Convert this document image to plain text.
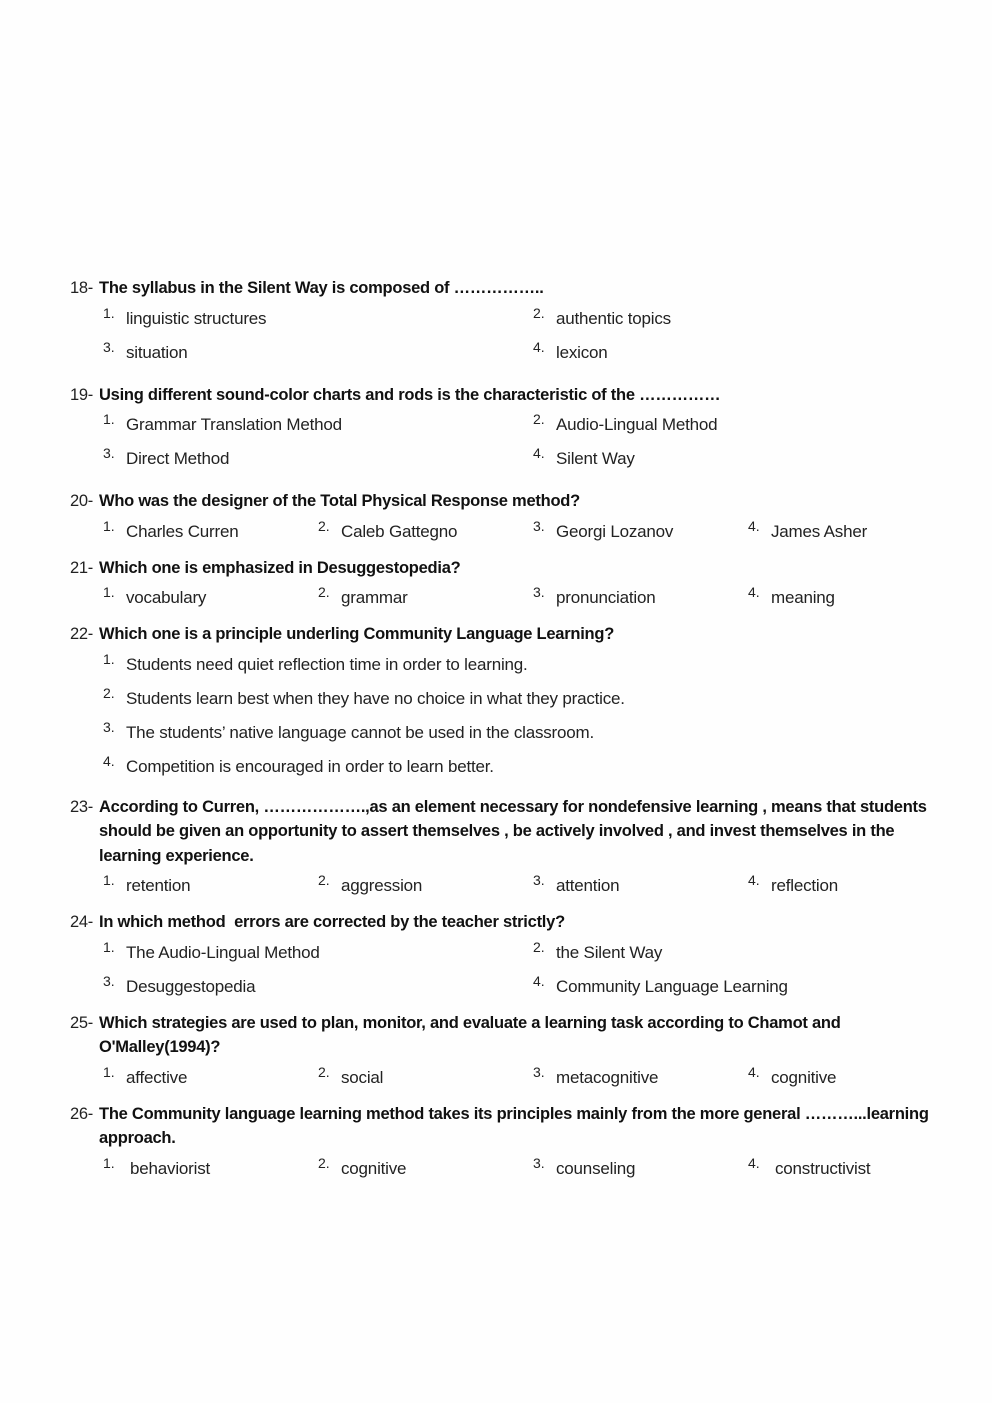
18- The syllabus in the Silent Way is composed of ……………..
1. linguistic structures	2. authentic topics
3. situation	4. lexicon
19- Using different sound-color charts and rods is the characteristic of the ……………
1. Grammar Translation Method	2. Audio-Lingual Method
3. Direct Method	4. Silent Way
20- Who was the designer of the Total Physical Response method?
1. Charles Curren	2. Caleb Gattegno	3. Georgi Lozanov	4. James Asher
21- Which one is emphasized in Desuggestopedia?
1. vocabulary	2. grammar	3. pronunciation	4. meaning
22- Which one is a principle underling Community Language Learning?
1. Students need quiet reflection time in order to learning.
2. Students learn best when they have no choice in what they practice.
3. The students’ native language cannot be used in the classroom.
4. Competition is encouraged in order to learn better.
23- According to Curren, ……………….,as an element necessary for nondefensive learning , means that students should be given an opportunity to assert themselves , be actively involved , and invest themselves in the learning experience.
1. retention	2. aggression	3. attention	4. reflection
24- In which method  errors are corrected by the teacher strictly?
1. The Audio-Lingual Method	2. the Silent Way
3. Desuggestopedia	4. Community Language Learning
25- Which strategies are used to plan, monitor, and evaluate a learning task according to Chamot and O'Malley(1994)?
1. affective	2. social	3. metacognitive	4. cognitive
26- The Community language learning method takes its principles mainly from the more general ………...learning approach.
1. behaviorist	2. cognitive	3. counseling	4. constructivist
